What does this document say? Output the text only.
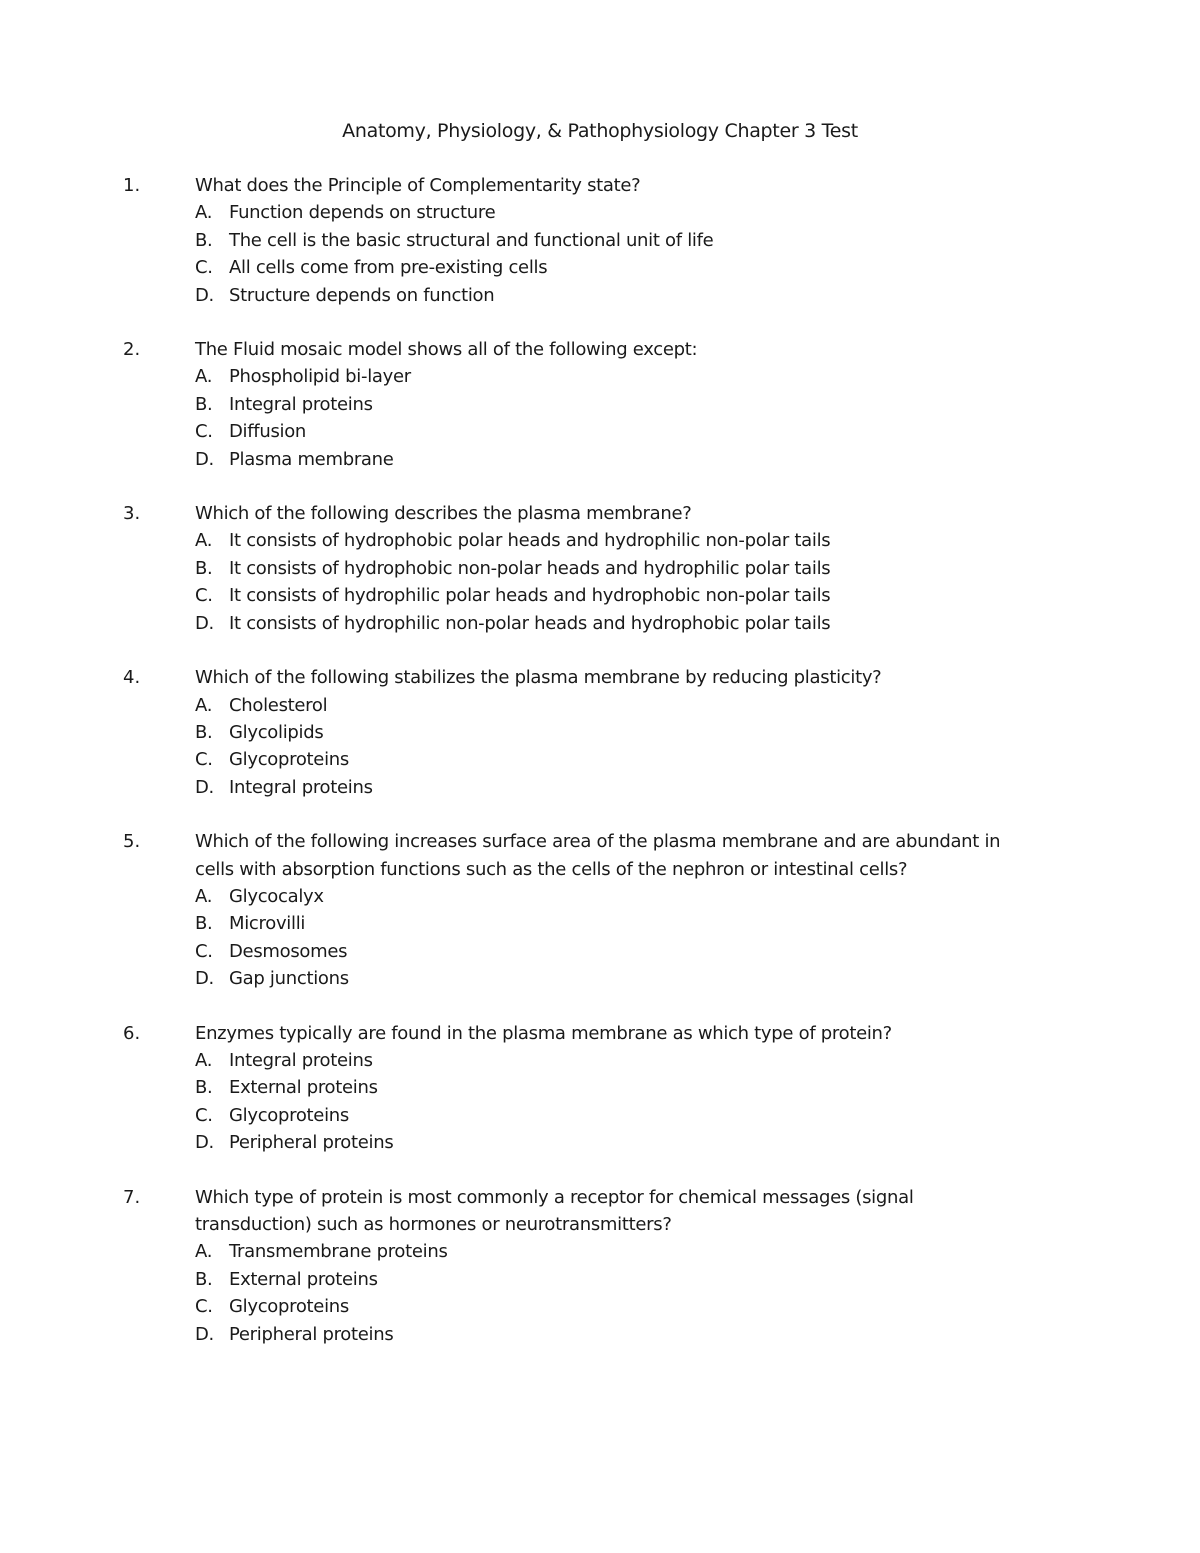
Anatomy, Physiology, & Pathophysiology Chapter 3 Test
1.	What does the Principle of Complementarity state?
A. Function depends on structure
B. The cell is the basic structural and functional unit of life
C. All cells come from pre-existing cells
D. Structure depends on function
2.	The Fluid mosaic model shows all of the following except:
A. Phospholipid bi-layer
B. Integral proteins
C. Diffusion
D. Plasma membrane
3.	Which of the following describes the plasma membrane?
A. It consists of hydrophobic polar heads and hydrophilic non-polar tails
B. It consists of hydrophobic non-polar heads and hydrophilic polar tails
C. It consists of hydrophilic polar heads and hydrophobic non-polar tails
D. It consists of hydrophilic non-polar heads and hydrophobic polar tails
4.	Which of the following stabilizes the plasma membrane by reducing plasticity?
A. Cholesterol
B. Glycolipids
C. Glycoproteins
D. Integral proteins
5.	Which of the following increases surface area of the plasma membrane and are abundant in cells with absorption functions such as the cells of the nephron or intestinal cells?
A. Glycocalyx
B. Microvilli
C. Desmosomes
D. Gap junctions
6.	Enzymes typically are found in the plasma membrane as which type of protein?
A. Integral proteins
B. External proteins
C. Glycoproteins
D. Peripheral proteins
7.	Which type of protein is most commonly a receptor for chemical messages (signal transduction) such as hormones or neurotransmitters?
A. Transmembrane proteins
B. External proteins
C. Glycoproteins
D. Peripheral proteins
